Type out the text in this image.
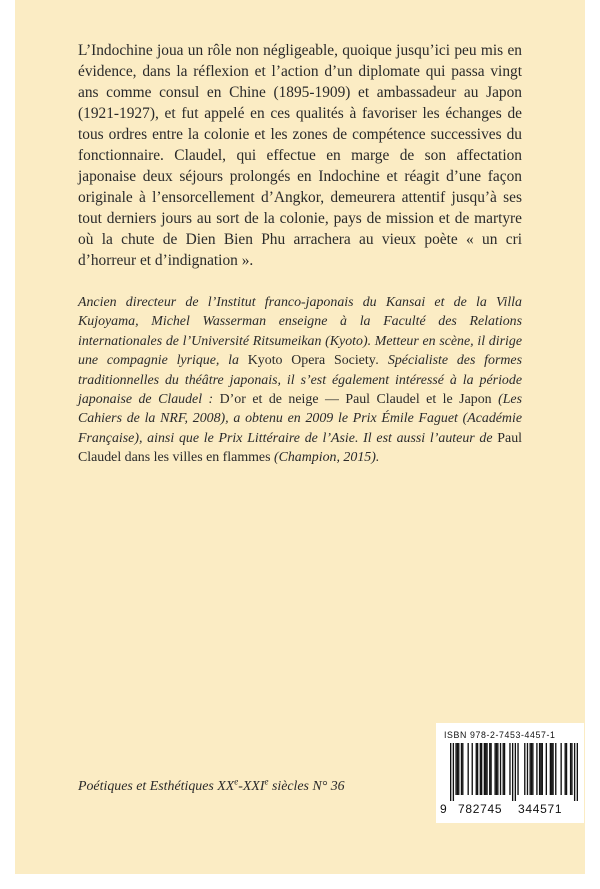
L’Indochine joua un rôle non négligeable, quoique jusqu’ici peu mis en évidence, dans la réflexion et l’action d’un diplomate qui passa vingt ans comme consul en Chine (1895-1909) et ambassadeur au Japon (1921-1927), et fut appelé en ces qualités à favoriser les échanges de tous ordres entre la colonie et les zones de compétence successives du fonctionnaire. Claudel, qui effectue en marge de son affectation japonaise deux séjours prolongés en Indochine et réagit d’une façon originale à l’ensorcellement d’Angkor, demeurera attentif jusqu’à ses tout derniers jours au sort de la colonie, pays de mission et de martyre où la chute de Dien Bien Phu arrachera au vieux poète « un cri d’horreur et d’indignation ».

Ancien directeur de l’Institut franco-japonais du Kansai et de la Villa Kujoyama, Michel Wasserman enseigne à la Faculté des Relations internationales de l’Université Ritsumeikan (Kyoto). Metteur en scène, il dirige une compagnie lyrique, la Kyoto Opera Society. Spécialiste des formes traditionnelles du théâtre japonais, il s’est également intéressé à la période japonaise de Claudel : D’or et de neige — Paul Claudel et le Japon (Les Cahiers de la NRF, 2008), a obtenu en 2009 le Prix Émile Faguet (Académie Française), ainsi que le Prix Littéraire de l’Asie. Il est aussi l’auteur de Paul Claudel dans les villes en flammes (Champion, 2015).

Poétiques et Esthétiques XXe-XXIe siècles N° 36
ISBN 978-2-7453-4457-1
9 782745 344571
